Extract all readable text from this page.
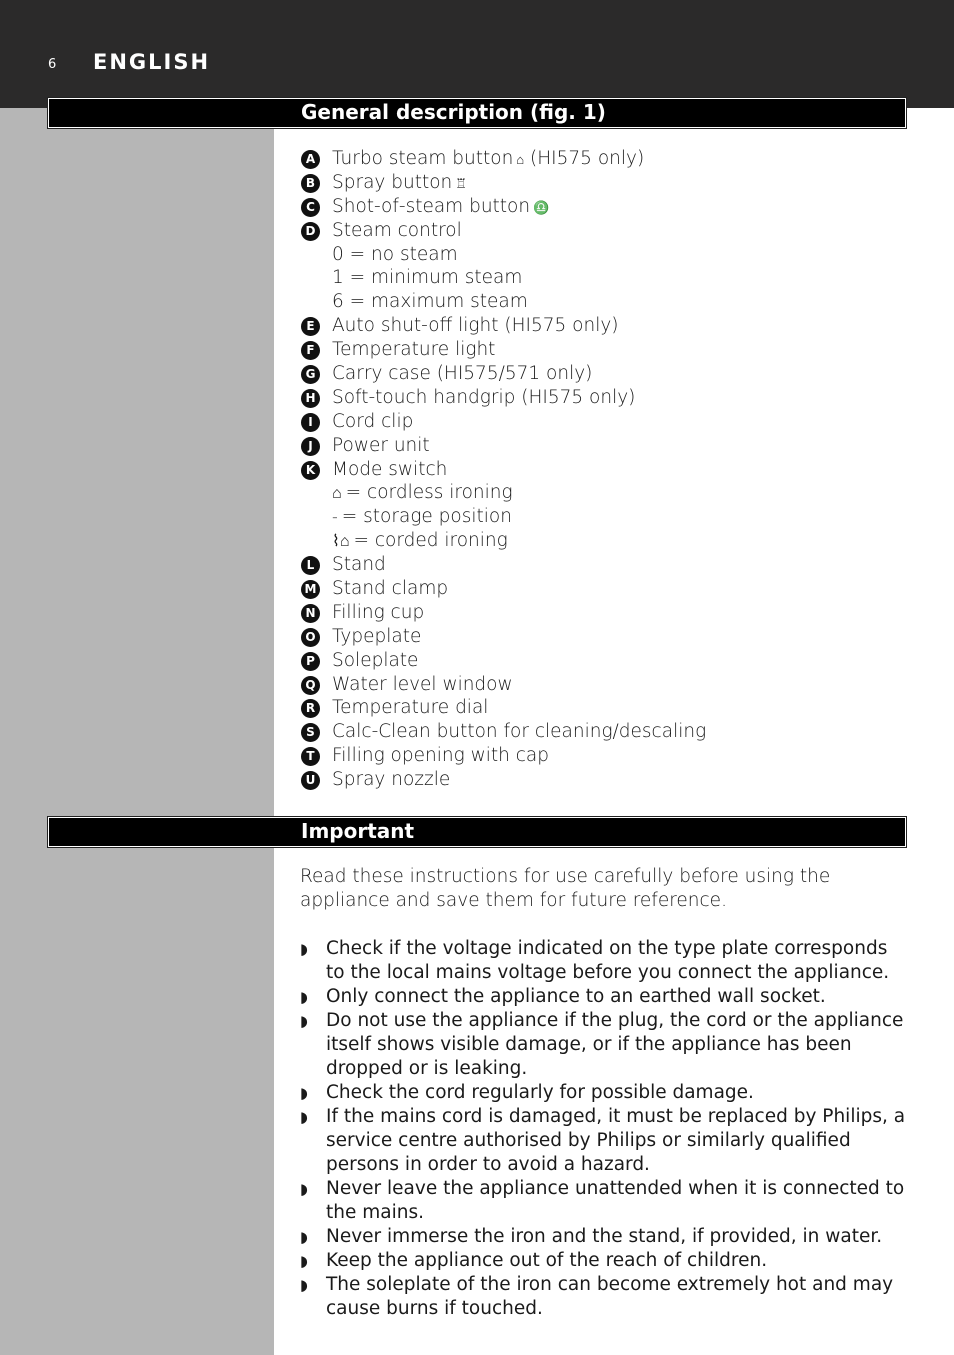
6 ENGLISH
General description (fig. 1)
A Turbo steam button ⌂ (HI575 only)
B Spray button ♖
C Shot-of-steam button ♎
D Steam control
0 = no steam
1 = minimum steam
6 = maximum steam
E Auto shut-off light (HI575 only)
F Temperature light
G Carry case (HI575/571 only)
H Soft-touch handgrip (HI575 only)
I	Cord clip
J	Power unit
K Mode switch
⌂ = cordless ironing
- = storage position
⌇⌂ = corded ironing
L Stand
M Stand clamp
N Filling cup
O Typeplate
P Soleplate
Q Water level window
R Temperature dial
S Calc-Clean button for cleaning/descaling
T Filling opening with cap
U Spray nozzle
Important
Read these instructions for use carefully before using the appliance and save them for future reference.
◗ Check if the voltage indicated on the type plate corresponds to the local mains voltage before you connect the appliance.
◗ Only connect the appliance to an earthed wall socket.
◗ Do not use the appliance if the plug, the cord or the appliance itself shows visible damage, or if the appliance has been dropped or is leaking.
◗ Check the cord regularly for possible damage.
◗ If the mains cord is damaged, it must be replaced by Philips, a service centre authorised by Philips or similarly qualified persons in order to avoid a hazard.
◗ Never leave the appliance unattended when it is connected to the mains.
◗ Never immerse the iron and the stand, if provided, in water.
◗ Keep the appliance out of the reach of children.
◗ The soleplate of the iron can become extremely hot and may cause burns if touched.
